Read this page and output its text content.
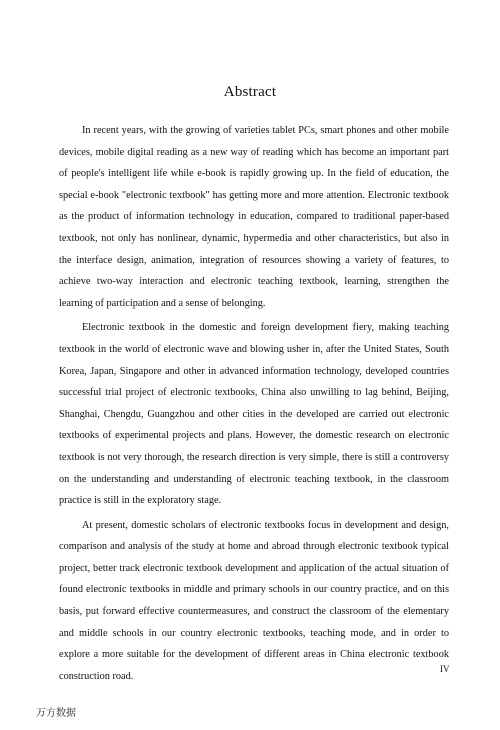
Abstract

In recent years, with the growing of varieties tablet PCs, smart phones and other mobile devices, mobile digital reading as a new way of reading which has become an important part of people's intelligent life while e-book is rapidly growing up. In the field of education, the special e-book "electronic textbook" has getting more and more attention. Electronic textbook as the product of information technology in education, compared to traditional paper-based textbook, not only has nonlinear, dynamic, hypermedia and other characteristics, but also in the interface design, animation, integration of resources showing a variety of features, to achieve two-way interaction and electronic teaching textbook, learning, strengthen the learning of participation and a sense of belonging.

Electronic textbook in the domestic and foreign development fiery, making teaching textbook in the world of electronic wave and blowing usher in, after the United States, South Korea, Japan, Singapore and other in advanced information technology, developed countries successful trial project of electronic textbooks, China also unwilling to lag behind, Beijing, Shanghai, Chengdu, Guangzhou and other cities in the developed are carried out electronic textbooks of experimental projects and plans. However, the domestic research on electronic textbook is not very thorough, the research direction is very simple, there is still a controversy on the understanding and understanding of electronic teaching textbook, in the classroom practice is still in the exploratory stage.

At present, domestic scholars of electronic textbooks focus in development and design, comparison and analysis of the study at home and abroad through electronic textbook typical project, better track electronic textbook development and application of the actual situation of found electronic textbooks in middle and primary schools in our country practice, and on this basis, put forward effective countermeasures, and construct the classroom of the elementary and middle schools in our country electronic textbooks, teaching mode, and in order to explore a more suitable for the development of different areas in China electronic textbook construction road.

IV
万方数据
